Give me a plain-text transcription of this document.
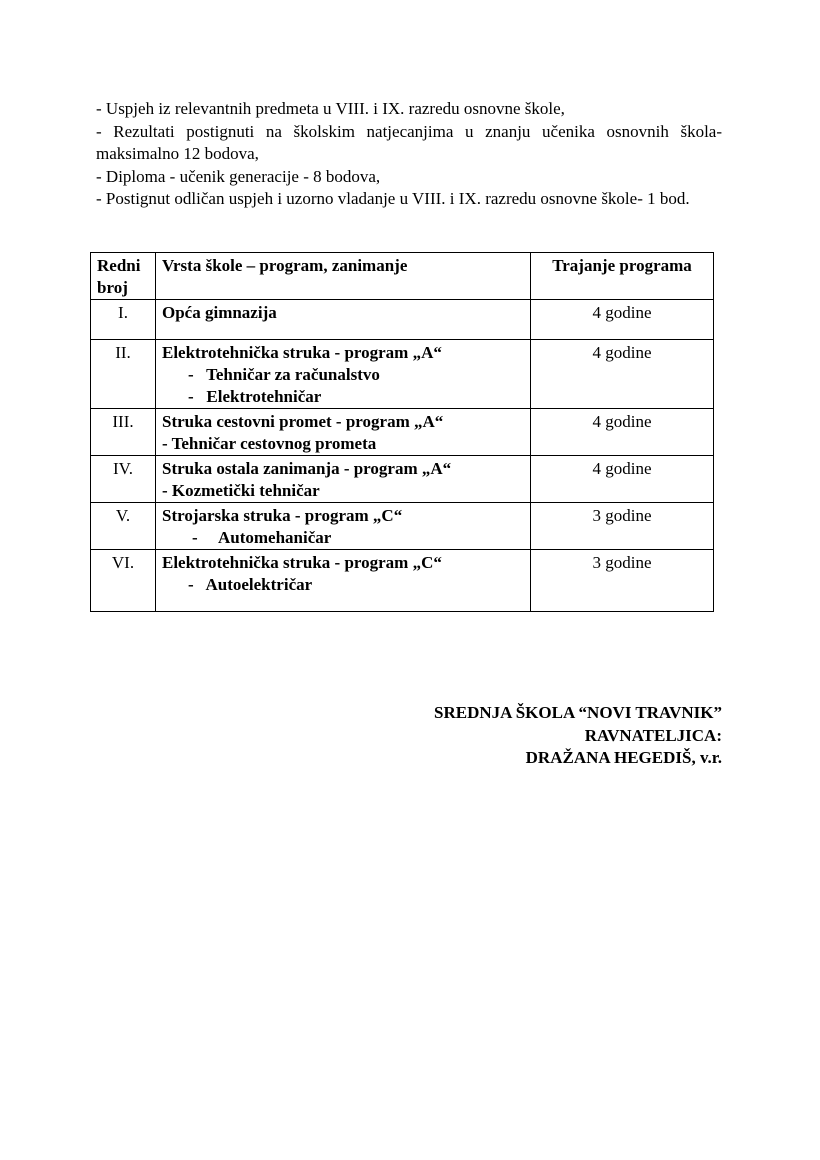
- Uspjeh iz relevantnih predmeta u VIII. i IX. razredu osnovne škole,

- Rezultati postignuti na školskim natjecanjima u znanju učenika osnovnih škola- maksimalno 12 bodova,

- Diploma - učenik generacije - 8 bodova,

- Postignut odličan uspjeh i uzorno vladanje u VIII. i IX. razredu osnovne škole- 1 bod.

Redni broj	Vrsta škole – program, zanimanje	Trajanje programa
I.	Opća gimnazija	4 godine
II.	Elektrotehnička struka - program „A“
-   Tehničar za računalstvo
-   Elektrotehničar	4 godine
III.	Struka cestovni promet - program „A“
- Tehničar cestovnog prometa	4 godine
IV.	Struka ostala zanimanja - program „A“
- Kozmetički tehničar	4 godine
V.	Strojarska struka - program „C“
-     Automehaničar	3 godine
VI.	Elektrotehnička struka - program „C“
-   Autoelektričar	3 godine
SREDNJA ŠKOLA “NOVI TRAVNIK”
RAVNATELJICA:
DRAŽANA HEGEDIŠ, v.r.
